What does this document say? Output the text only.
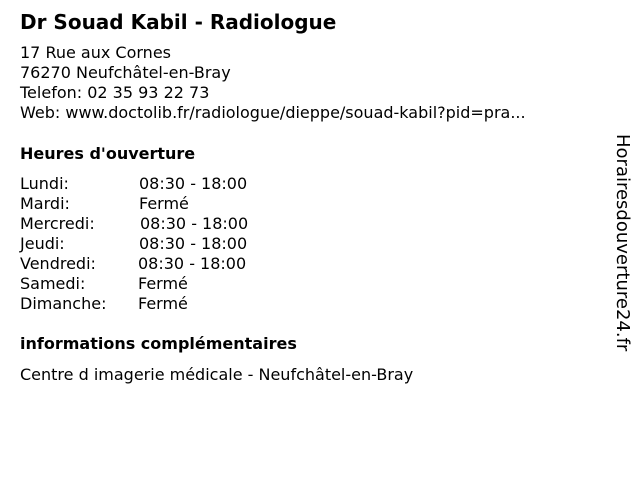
Dr Souad Kabil - Radiologue
17 Rue aux Cornes
76270 Neufchâtel-en-Bray
Telefon: 02 35 93 22 73
Web: www.doctolib.fr/radiologue/dieppe/souad-kabil?pid=pra...
Heures d'ouverture
Lundi:	08:30 - 18:00
Mardi:	Fermé
Mercredi:	08:30 - 18:00
Jeudi:	08:30 - 18:00
Vendredi:	08:30 - 18:00
Samedi:	Fermé
Dimanche: Fermé
informations complémentaires
Centre d imagerie médicale - Neufchâtel-en-Bray
Horairesdouverture24.fr
